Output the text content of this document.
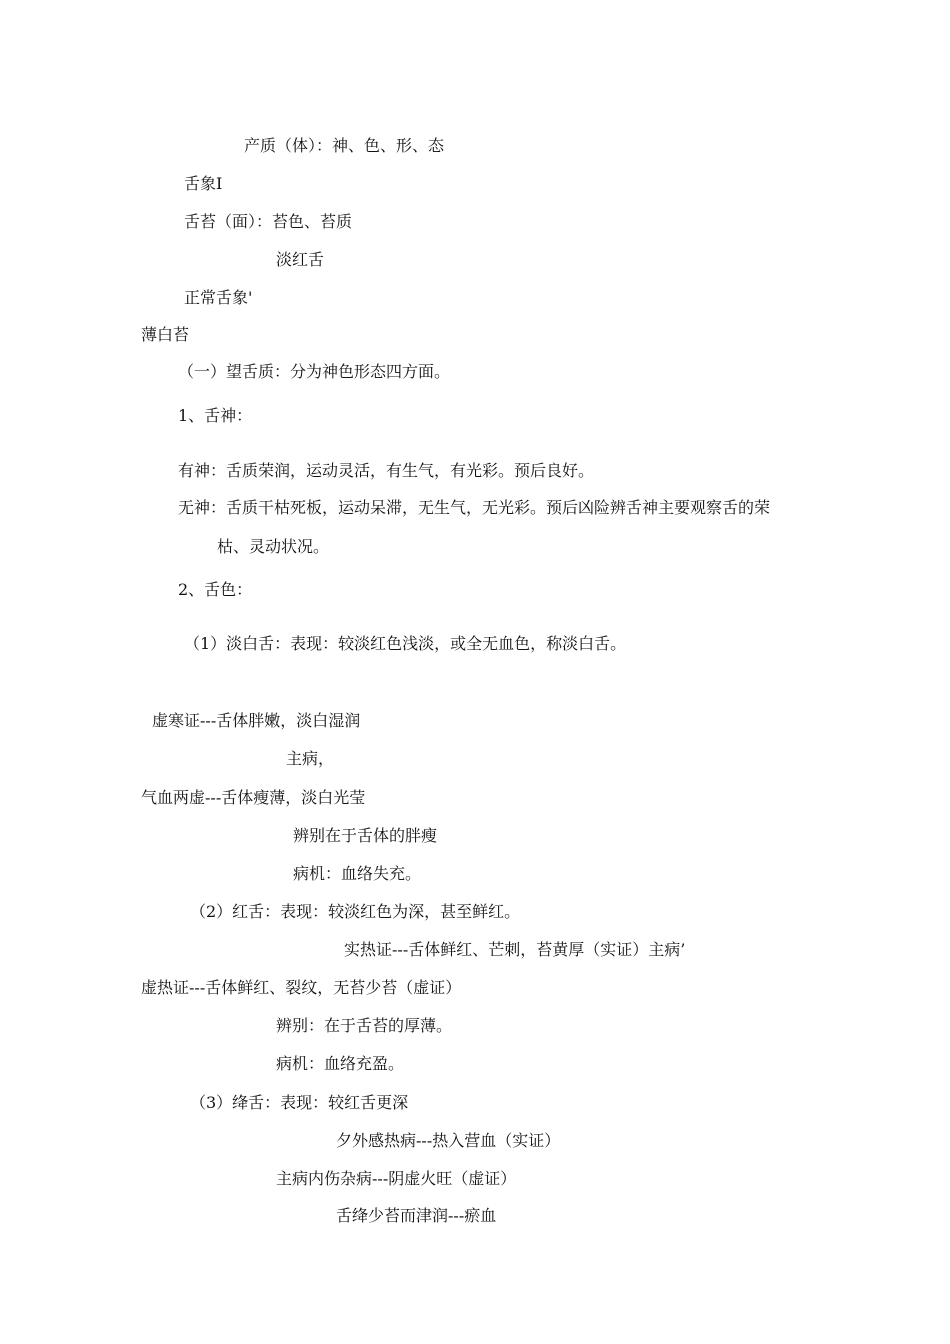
产质（体）：神、色、形、态
舌象I
舌苔（面）：苔色、苔质
淡红舌
正常舌象'
薄白苔
（一）望舌质：分为神色形态四方面。
1、舌神：
有神：舌质荣润，运动灵活，有生气，有光彩。预后良好。
无神：舌质干枯死板，运动呆滞，无生气，无光彩。预后凶险辨舌神主要观察舌的荣
枯、灵动状况。
2、舌色：
（1）淡白舌：表现：较淡红色浅淡，或全无血色，称淡白舌。
虚寒证---舌体胖嫩，淡白湿润
主病，
气血两虚---舌体瘦薄，淡白光莹
辨别在于舌体的胖瘦
病机：血络失充。
（2）红舌：表现：较淡红色为深，甚至鲜红。
实热证---舌体鲜红、芒刺，苔黄厚（实证）主病’
虚热证---舌体鲜红、裂纹，无苔少苔（虚证）
辨别：在于舌苔的厚薄。
病机：血络充盈。
（3）绛舌：表现：较红舌更深
夕外感热病---热入营血（实证）
主病内伤杂病---阴虚火旺（虚证）
舌绛少苔而津润---瘀血
